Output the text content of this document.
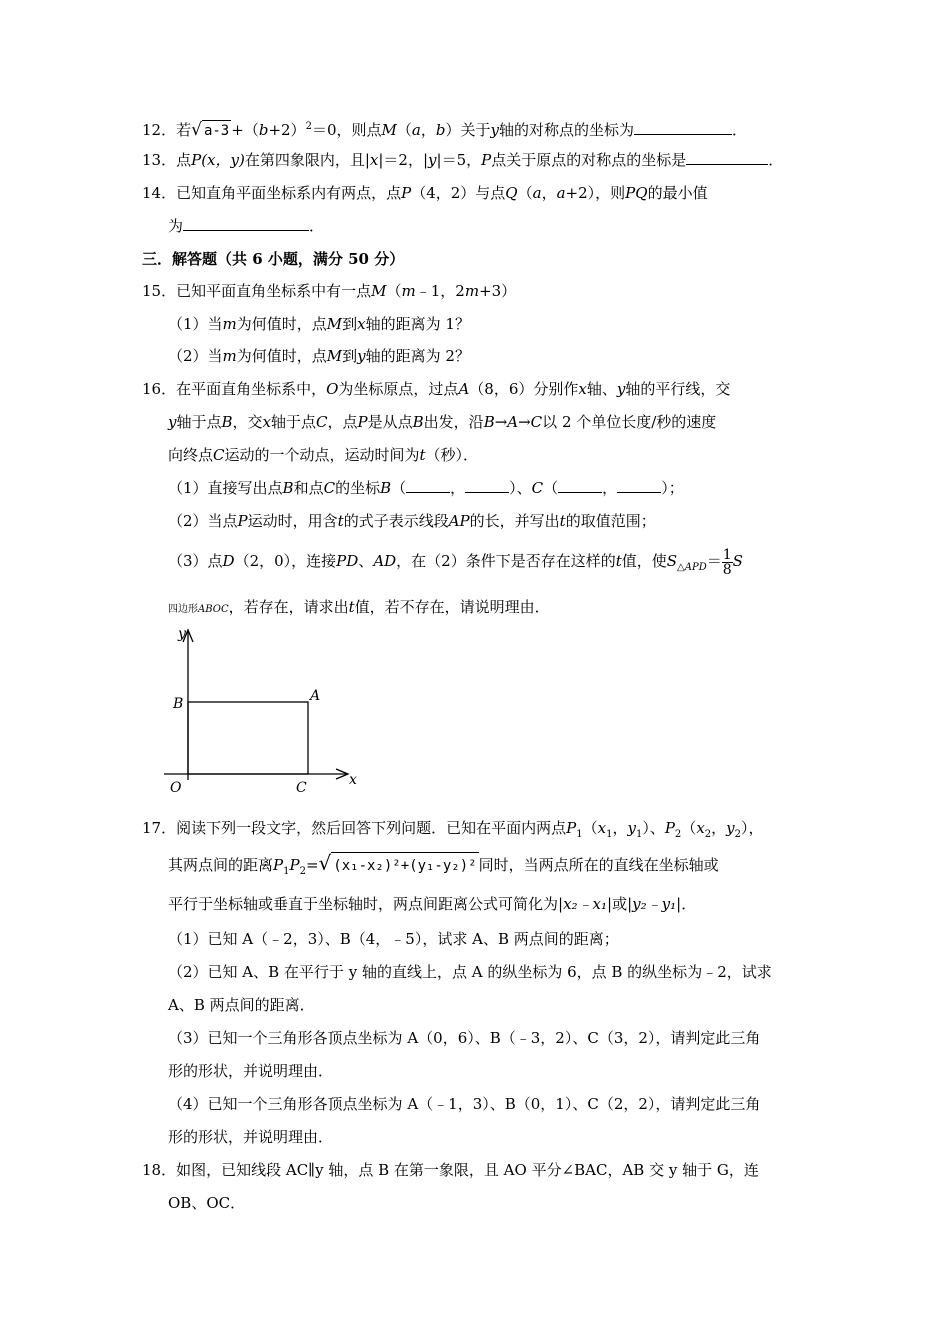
12．若√ $a-3 +(b+2)^2=0$，则点M（a，b）关于y轴的对称点的坐标为	．
13．点P(x，y)在第四象限内，且|x|＝2，|y|＝5，P点关于原点的对称点的坐标是	．
14．已知直角平面坐标系内有两点，点P（4，2）与点Q（a，a+2），则PQ的最小值
为	．
三．解答题（共 6 小题，满分 50 分）
15．已知平面直角坐标系中有一点M（m﹣1，2m+3）
（1）当m为何值时，点M到x轴的距离为 1？
（2）当m为何值时，点M到y轴的距离为 2？
16．在平面直角坐标系中，O为坐标原点，过点A（8，6）分别作x轴、y轴的平行线，交
y轴于点B，交x轴于点C，点P是从点B出发，沿B→A→C以 2 个单位长度/秒的速度
向终点C运动的一个动点，运动时间为t（秒）．
（1）直接写出点B和点C的坐标B（	，	）、C（	，	）；
（2）当点P运动时，用含t的式子表示线段AP的长，并写出t的取值范围；
（3）点D（2，0），连接PD、AD，在（2）条件下是否存在这样的t值，使$S_{\triangle APD}= \frac{1}{8}$ S
四边形ABOC，若存在，请求出t值，若不存在，请说明理由．
y
x
O
B	A
C
17．阅读下列一段文字，然后回答下列问题．已知在平面内两点$P_1(x_1$，$y_1$）、$P_2(x_2$，$y_2$），
其两点间的距离$P_1P_2=√$ (x₁-x₂)²+(y₁-y₂)² 同时，当两点所在的直线在坐标轴或
平行于坐标轴或垂直于坐标轴时，两点间距离公式可简化为|x₂﹣x₁|或|y₂﹣y₁|．
（1）已知 A（﹣2，3）、B（4，﹣5），试求 A、B 两点间的距离；
（2）已知 A、B 在平行于 y 轴的直线上，点 A 的纵坐标为 6，点 B 的纵坐标为﹣2，试求
A、B 两点间的距离．
（3）已知一个三角形各顶点坐标为 A（0，6）、B（﹣3，2）、C（3，2），请判定此三角
形的形状，并说明理由．
（4）已知一个三角形各顶点坐标为 A（﹣1，3）、B（0，1）、C（2，2），请判定此三角
形的形状，并说明理由．
18．如图，已知线段 AC∥y 轴，点 B 在第一象限，且 AO 平分∠BAC，AB 交 y 轴于 G，连
OB、OC．
